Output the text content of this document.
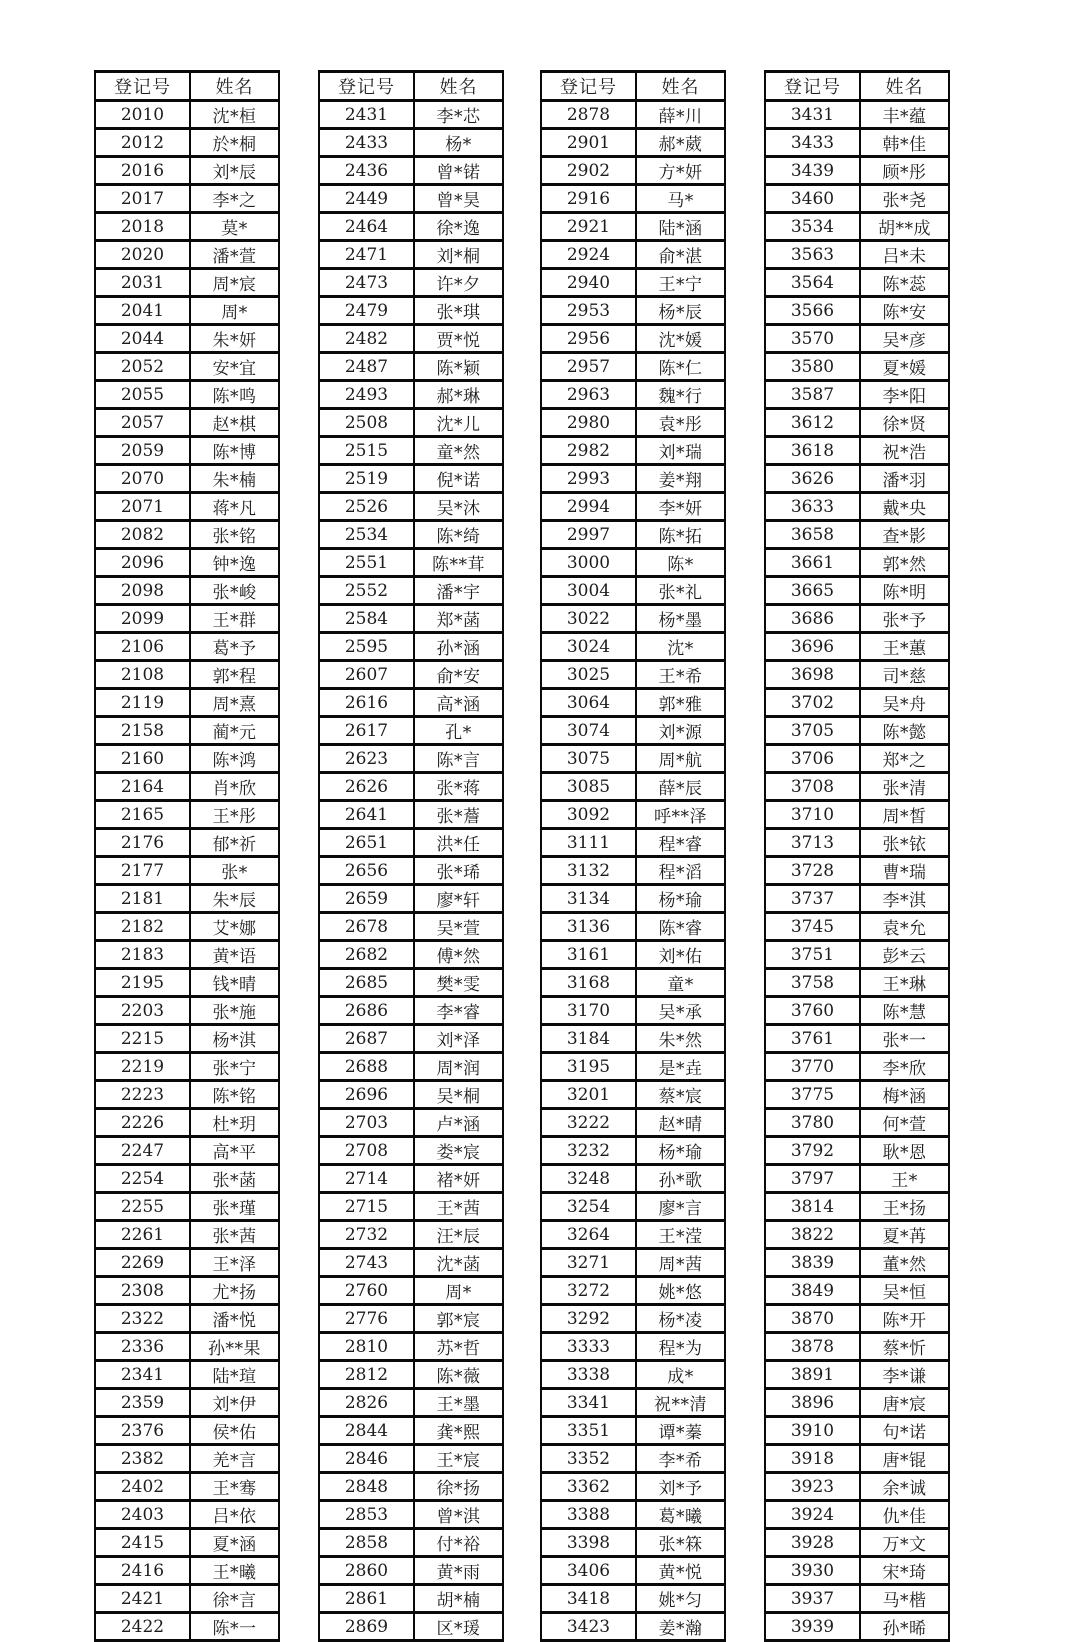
登记号	姓名
2010	沈*桓
2012	於*桐
2016	刘*辰
2017	李*之
2018	莫*
2020	潘*萱
2031	周*宸
2041	周*
2044	朱*妍
2052	安*宜
2055	陈*鸣
2057	赵*棋
2059	陈*博
2070	朱*楠
2071	蒋*凡
2082	张*铭
2096	钟*逸
2098	张*峻
2099	王*群
2106	葛*予
2108	郭*程
2119	周*熹
2158	蔺*元
2160	陈*鸿
2164	肖*欣
2165	王*彤
2176	郁*祈
2177	张*
2181	朱*辰
2182	艾*娜
2183	黄*语
2195	钱*晴
2203	张*施
2215	杨*淇
2219	张*宁
2223	陈*铭
2226	杜*玥
2247	高*平
2254	张*菡
2255	张*瑾
2261	张*茜
2269	王*泽
2308	尤*扬
2322	潘*悦
2336	孙**果
2341	陆*瑄
2359	刘*伊
2376	侯*佑
2382	羌*言
2402	王*骞
2403	吕*依
2415	夏*涵
2416	王*曦
2421	徐*言
2422	陈*一
登记号	姓名
2431	李*芯
2433	杨*
2436	曾*锘
2449	曾*昊
2464	徐*逸
2471	刘*桐
2473	许*夕
2479	张*琪
2482	贾*悦
2487	陈*颖
2493	郝*琳
2508	沈*儿
2515	童*然
2519	倪*诺
2526	吴*沐
2534	陈*绮
2551	陈**茸
2552	潘*宇
2584	郑*菡
2595	孙*涵
2607	俞*安
2616	高*涵
2617	孔*
2623	陈*言
2626	张*蒋
2641	张*薝
2651	洪*任
2656	张*琋
2659	廖*轩
2678	吴*萱
2682	傅*然
2685	樊*雯
2686	李*睿
2687	刘*泽
2688	周*润
2696	吴*桐
2703	卢*涵
2708	娄*宸
2714	褚*妍
2715	王*茜
2732	汪*辰
2743	沈*菡
2760	周*
2776	郭*宸
2810	苏*哲
2812	陈*薇
2826	王*墨
2844	龚*熙
2846	王*宸
2848	徐*扬
2853	曾*淇
2858	付*裕
2860	黄*雨
2861	胡*楠
2869	区*瑗
登记号	姓名
2878	薛*川
2901	郝*葳
2902	方*妍
2916	马*
2921	陆*涵
2924	俞*湛
2940	王*宁
2953	杨*辰
2956	沈*媛
2957	陈*仁
2963	魏*行
2980	袁*彤
2982	刘*瑞
2993	姜*翔
2994	李*妍
2997	陈*拓
3000	陈*
3004	张*礼
3022	杨*墨
3024	沈*
3025	王*希
3064	郭*雅
3074	刘*源
3075	周*航
3085	薛*辰
3092	呼**泽
3111	程*睿
3132	程*滔
3134	杨*瑜
3136	陈*睿
3161	刘*佑
3168	童*
3170	吴*承
3184	朱*然
3195	是*垚
3201	蔡*宸
3222	赵*晴
3232	杨*瑜
3248	孙*歌
3254	廖*言
3264	王*滢
3271	周*茜
3272	姚*悠
3292	杨*凌
3333	程*为
3338	成*
3341	祝**清
3351	谭*蓁
3352	李*希
3362	刘*予
3388	葛*曦
3398	张*箖
3406	黄*悦
3418	姚*匀
3423	姜*瀚
登记号	姓名
3431	丰*蕴
3433	韩*佳
3439	顾*彤
3460	张*尧
3534	胡**成
3563	吕*未
3564	陈*蕊
3566	陈*安
3570	吴*彦
3580	夏*媛
3587	李*阳
3612	徐*贤
3618	祝*浩
3626	潘*羽
3633	戴*央
3658	查*影
3661	郭*然
3665	陈*明
3686	张*予
3696	王*蕙
3698	司*慈
3702	吴*舟
3705	陈*懿
3706	郑*之
3708	张*清
3710	周*皙
3713	张*铱
3728	曹*瑞
3737	李*淇
3745	袁*允
3751	彭*云
3758	王*琳
3760	陈*慧
3761	张*一
3770	李*欣
3775	梅*涵
3780	何*萱
3792	耿*恩
3797	王*
3814	王*扬
3822	夏*苒
3839	董*然
3849	吴*恒
3870	陈*开
3878	蔡*忻
3891	李*谦
3896	唐*宸
3910	句*诺
3918	唐*锟
3923	余*诚
3924	仇*佳
3928	万*文
3930	宋*琦
3937	马*楷
3939	孙*晞
